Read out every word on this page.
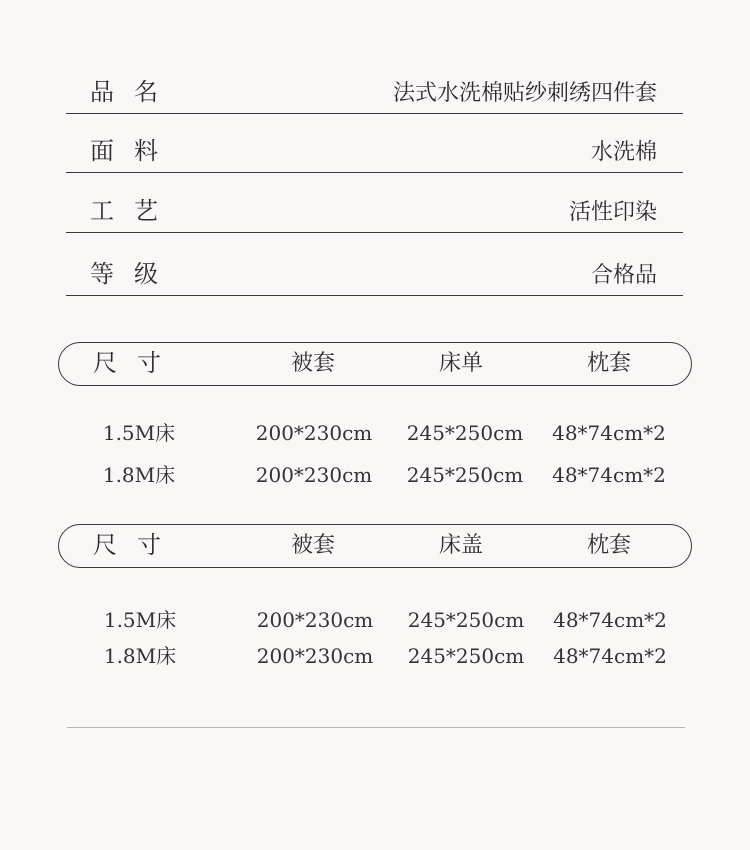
品名	法式水洗棉贴纱刺绣四件套
面料	水洗棉
工艺	活性印染
等级	合格品
尺寸	被套	床单	枕套
1.5M床	200*230cm 245*250cm 48*74cm*2
1.8M床	200*230cm 245*250cm 48*74cm*2
尺寸	被套	床盖	枕套
1.5M床	200*230cm 245*250cm 48*74cm*2
1.8M床	200*230cm 245*250cm 48*74cm*2
